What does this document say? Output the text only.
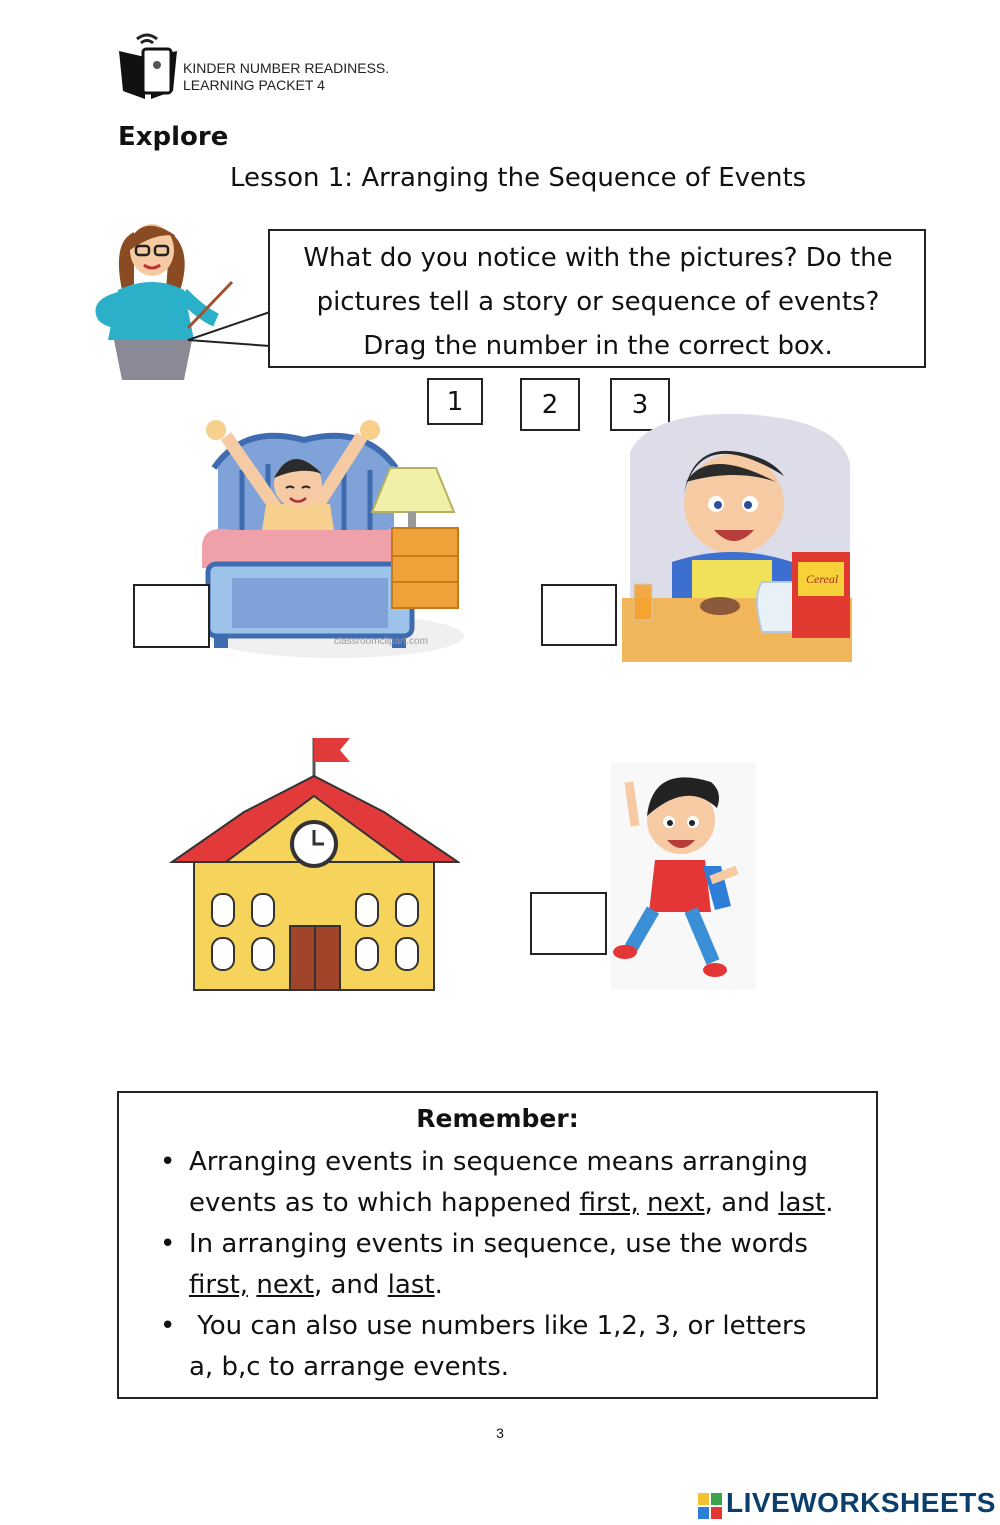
KINDER NUMBER READINESS.
LEARNING PACKET 4
Explore
Lesson 1: Arranging the Sequence of Events
What do you notice with the pictures? Do the
pictures tell a story or sequence of events?
Drag the number in the correct box.
1	2	3
classroomclipart.com
Cereal
Remember:
• Arranging events in sequence means arranging
events as to which happened first, next, and last.
• In arranging events in sequence, use the words
first, next, and last.
•  You can also use numbers like 1,2, 3, or letters
a, b,c to arrange events.
3
LIVEWORKSHEETS
